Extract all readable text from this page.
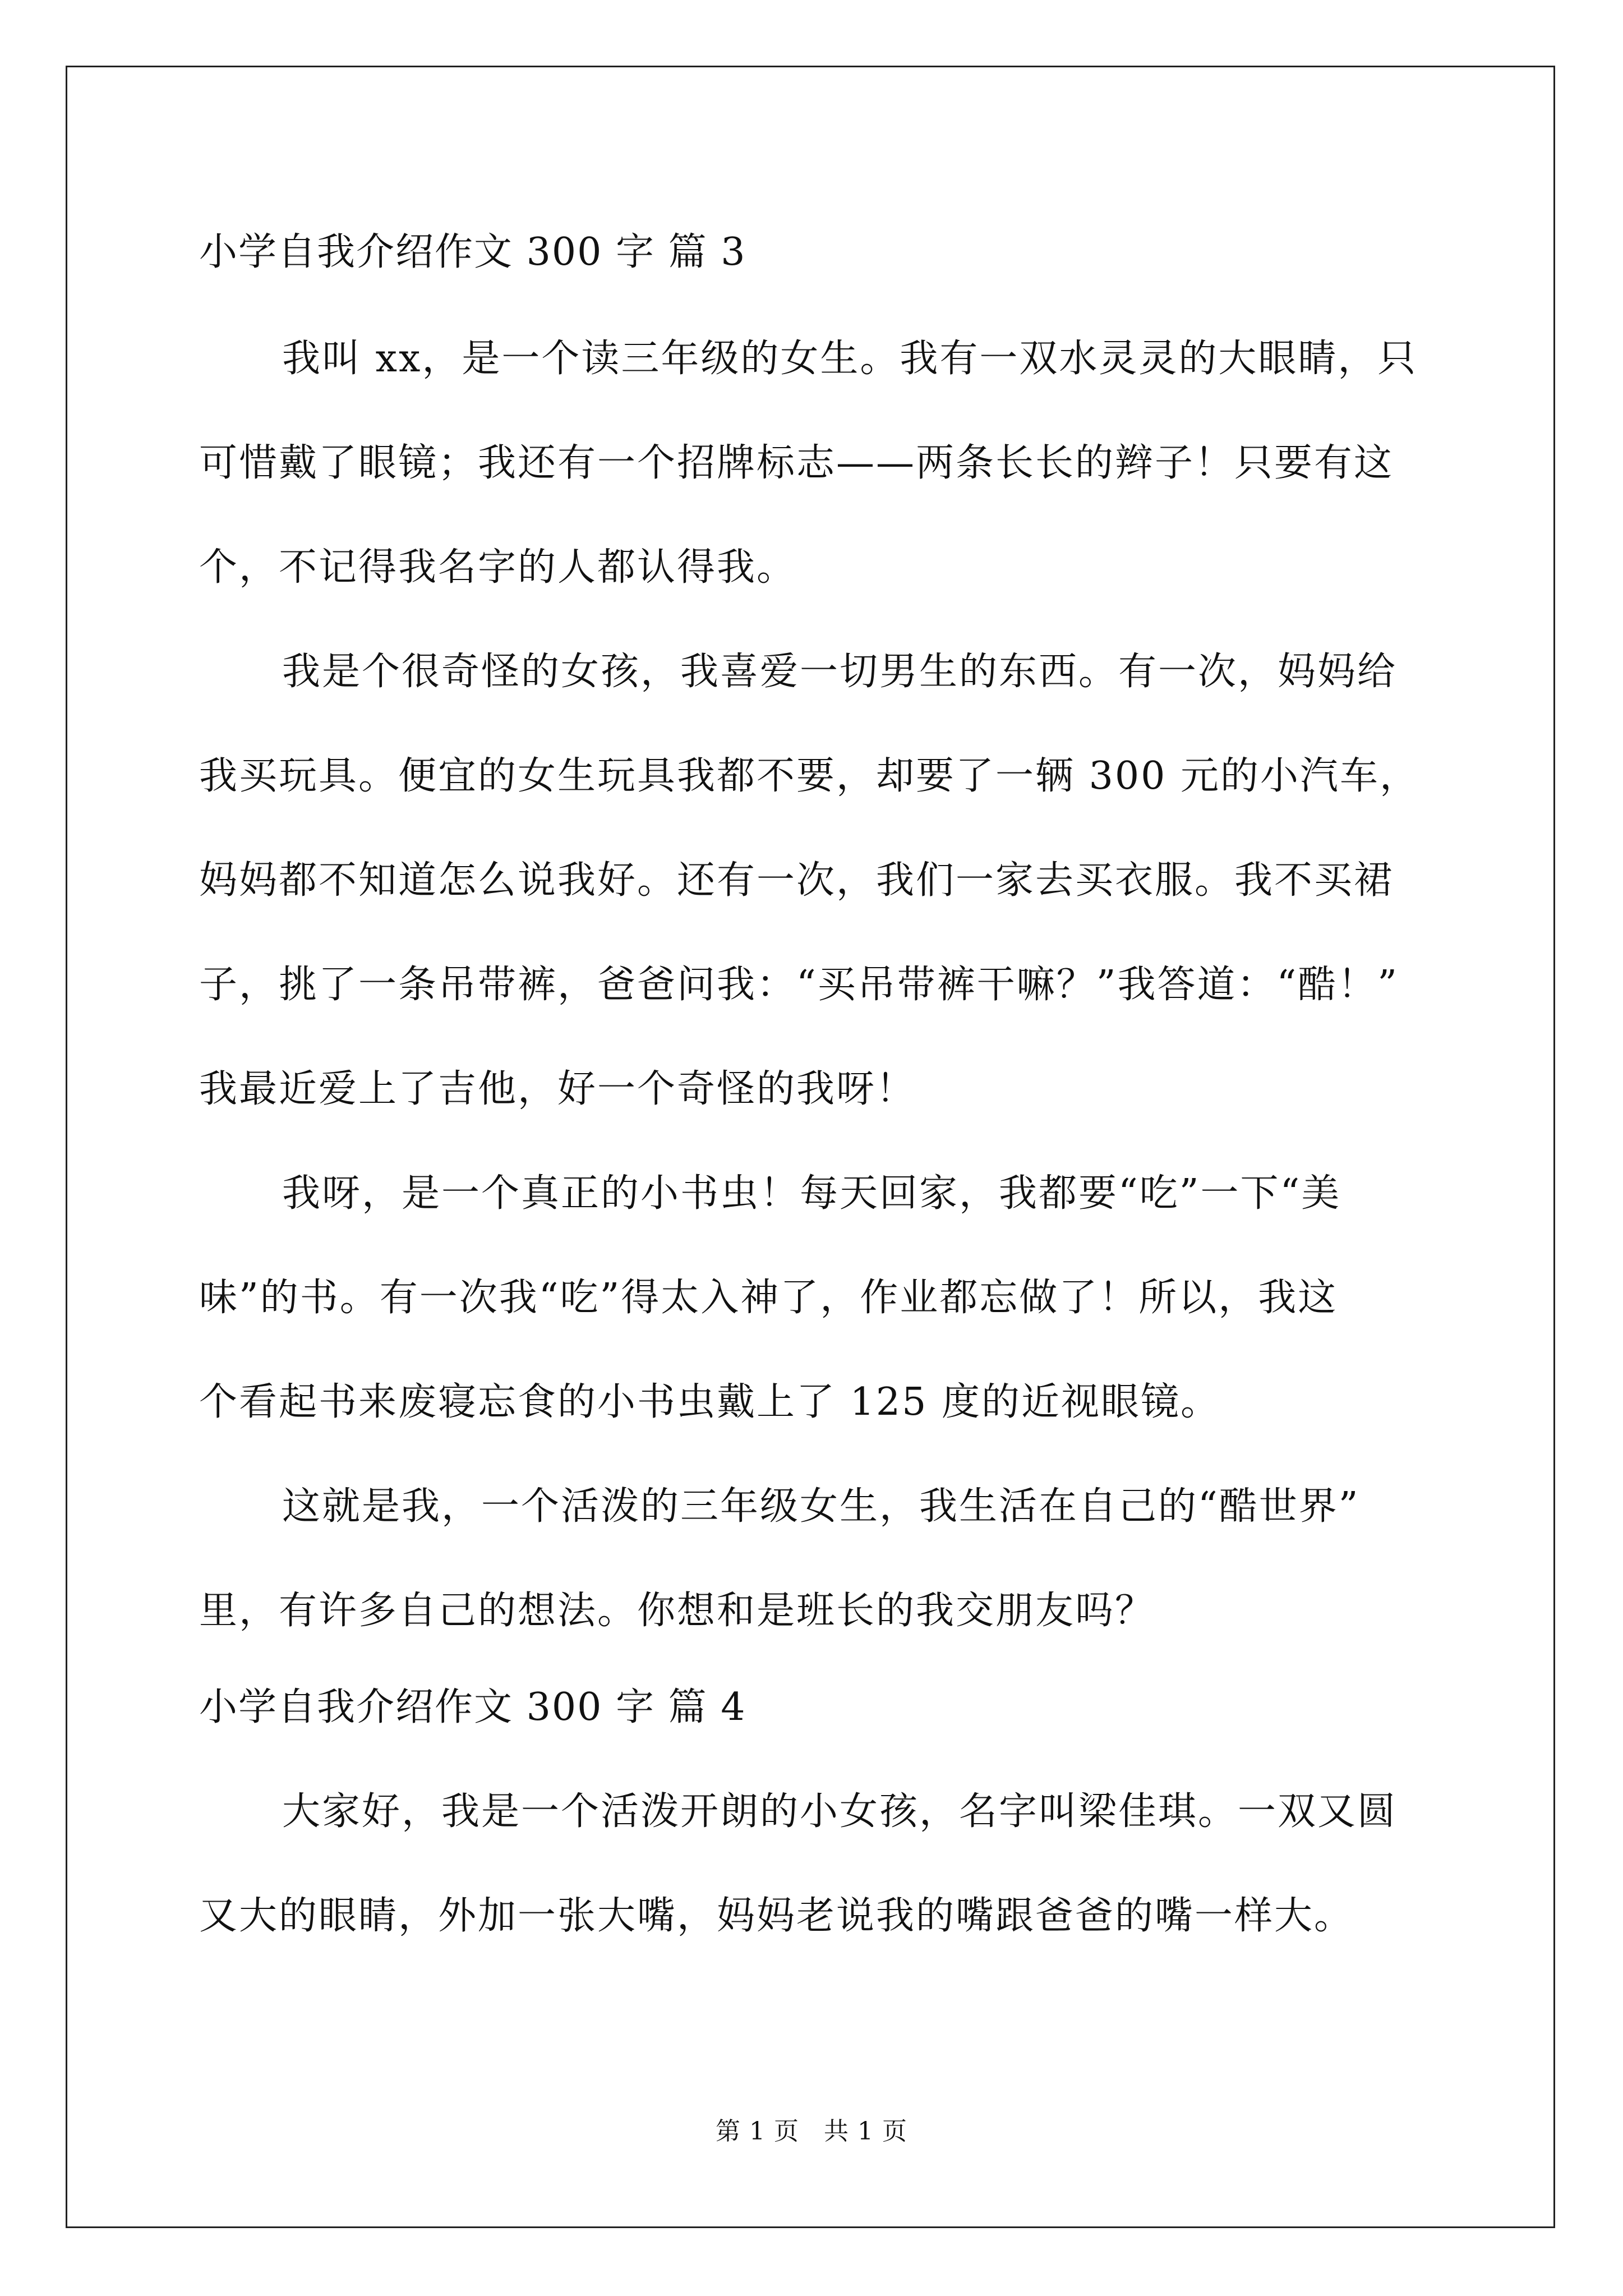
小学自我介绍作文 300 字 篇 3
我叫 xx，是一个读三年级的女生。我有一双水灵灵的大眼睛，只
可惜戴了眼镜；我还有一个招牌标志——两条长长的辫子！只要有这
个，不记得我名字的人都认得我。
我是个很奇怪的女孩，我喜爱一切男生的东西。有一次，妈妈给
我买玩具。便宜的女生玩具我都不要，却要了一辆 300 元的小汽车，
妈妈都不知道怎么说我好。还有一次，我们一家去买衣服。我不买裙
子，挑了一条吊带裤，爸爸问我：“买吊带裤干嘛？”我答道：“酷！”
我最近爱上了吉他，好一个奇怪的我呀！
我呀，是一个真正的小书虫！每天回家，我都要“吃”一下“美
味”的书。有一次我“吃”得太入神了，作业都忘做了！所以，我这
个看起书来废寝忘食的小书虫戴上了 125 度的近视眼镜。
这就是我，一个活泼的三年级女生，我生活在自己的“酷世界”
里，有许多自己的想法。你想和是班长的我交朋友吗？
小学自我介绍作文 300 字 篇 4
大家好，我是一个活泼开朗的小女孩，名字叫梁佳琪。一双又圆
又大的眼睛，外加一张大嘴，妈妈老说我的嘴跟爸爸的嘴一样大。
第 1 页 共 1 页
